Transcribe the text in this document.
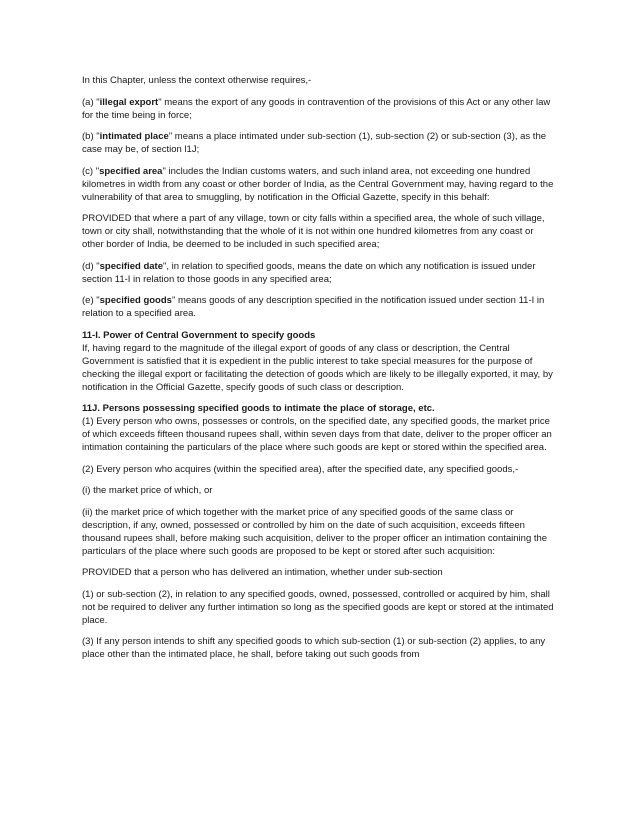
In this Chapter, unless the context otherwise requires,-

(a) "illegal export" means the export of any goods in contravention of the provisions of this Act or any other law for the time being in force;

(b) "intimated place" means a place intimated under sub-section (1), sub-section (2) or sub-section (3), as the case may be, of section l1J;

(c) "specified area" includes the Indian customs waters, and such inland area, not exceeding one hundred kilometres in width from any coast or other border of India, as the Central Government may, having regard to the vulnerability of that area to smuggling, by notification in the Official Gazette, specify in this behalf:

PROVIDED that where a part of any village, town or city falls within a specified area, the whole of such village, town or city shall, notwithstanding that the whole of it is not within one hundred kilometres from any coast or other border of India, be deemed to be included in such specified area;

(d) "specified date", in relation to specified goods, means the date on which any notification is issued under section 11-I in relation to those goods in any specified area;

(e) "specified goods" means goods of any description specified in the notification issued under section 11-I in relation to a specified area.

11-I. Power of Central Government to specify goods

If, having regard to the magnitude of the illegal export of goods of any class or description, the Central Government is satisfied that it is expedient in the public interest to take special measures for the purpose of checking the illegal export or facilitating the detection of goods which are likely to be illegally exported, it may, by notification in the Official Gazette, specify goods of such class or description.

11J. Persons possessing specified goods to intimate the place of storage, etc.

(1) Every person who owns, possesses or controls, on the specified date, any specified goods, the market price of which exceeds fifteen thousand rupees shall, within seven days from that date, deliver to the proper officer an intimation containing the particulars of the place where such goods are kept or stored within the specified area.

(2) Every person who acquires (within the specified area), after the specified date, any specified goods,-

(i) the market price of which, or

(ii) the market price of which together with the market price of any specified goods of the same class or description, if any, owned, possessed or controlled by him on the date of such acquisition, exceeds fifteen thousand rupees shall, before making such acquisition, deliver to the proper officer an intimation containing the particulars of the place where such goods are proposed to be kept or stored after such acquisition:

PROVIDED that a person who has delivered an intimation, whether under sub-section

(1) or sub-section (2), in relation to any specified goods, owned, possessed, controlled or acquired by him, shall not be required to deliver any further intimation so long as the specified goods are kept or stored at the intimated place.

(3) If any person intends to shift any specified goods to which sub-section (1) or sub-section (2) applies, to any place other than the intimated place, he shall, before taking out such goods from
